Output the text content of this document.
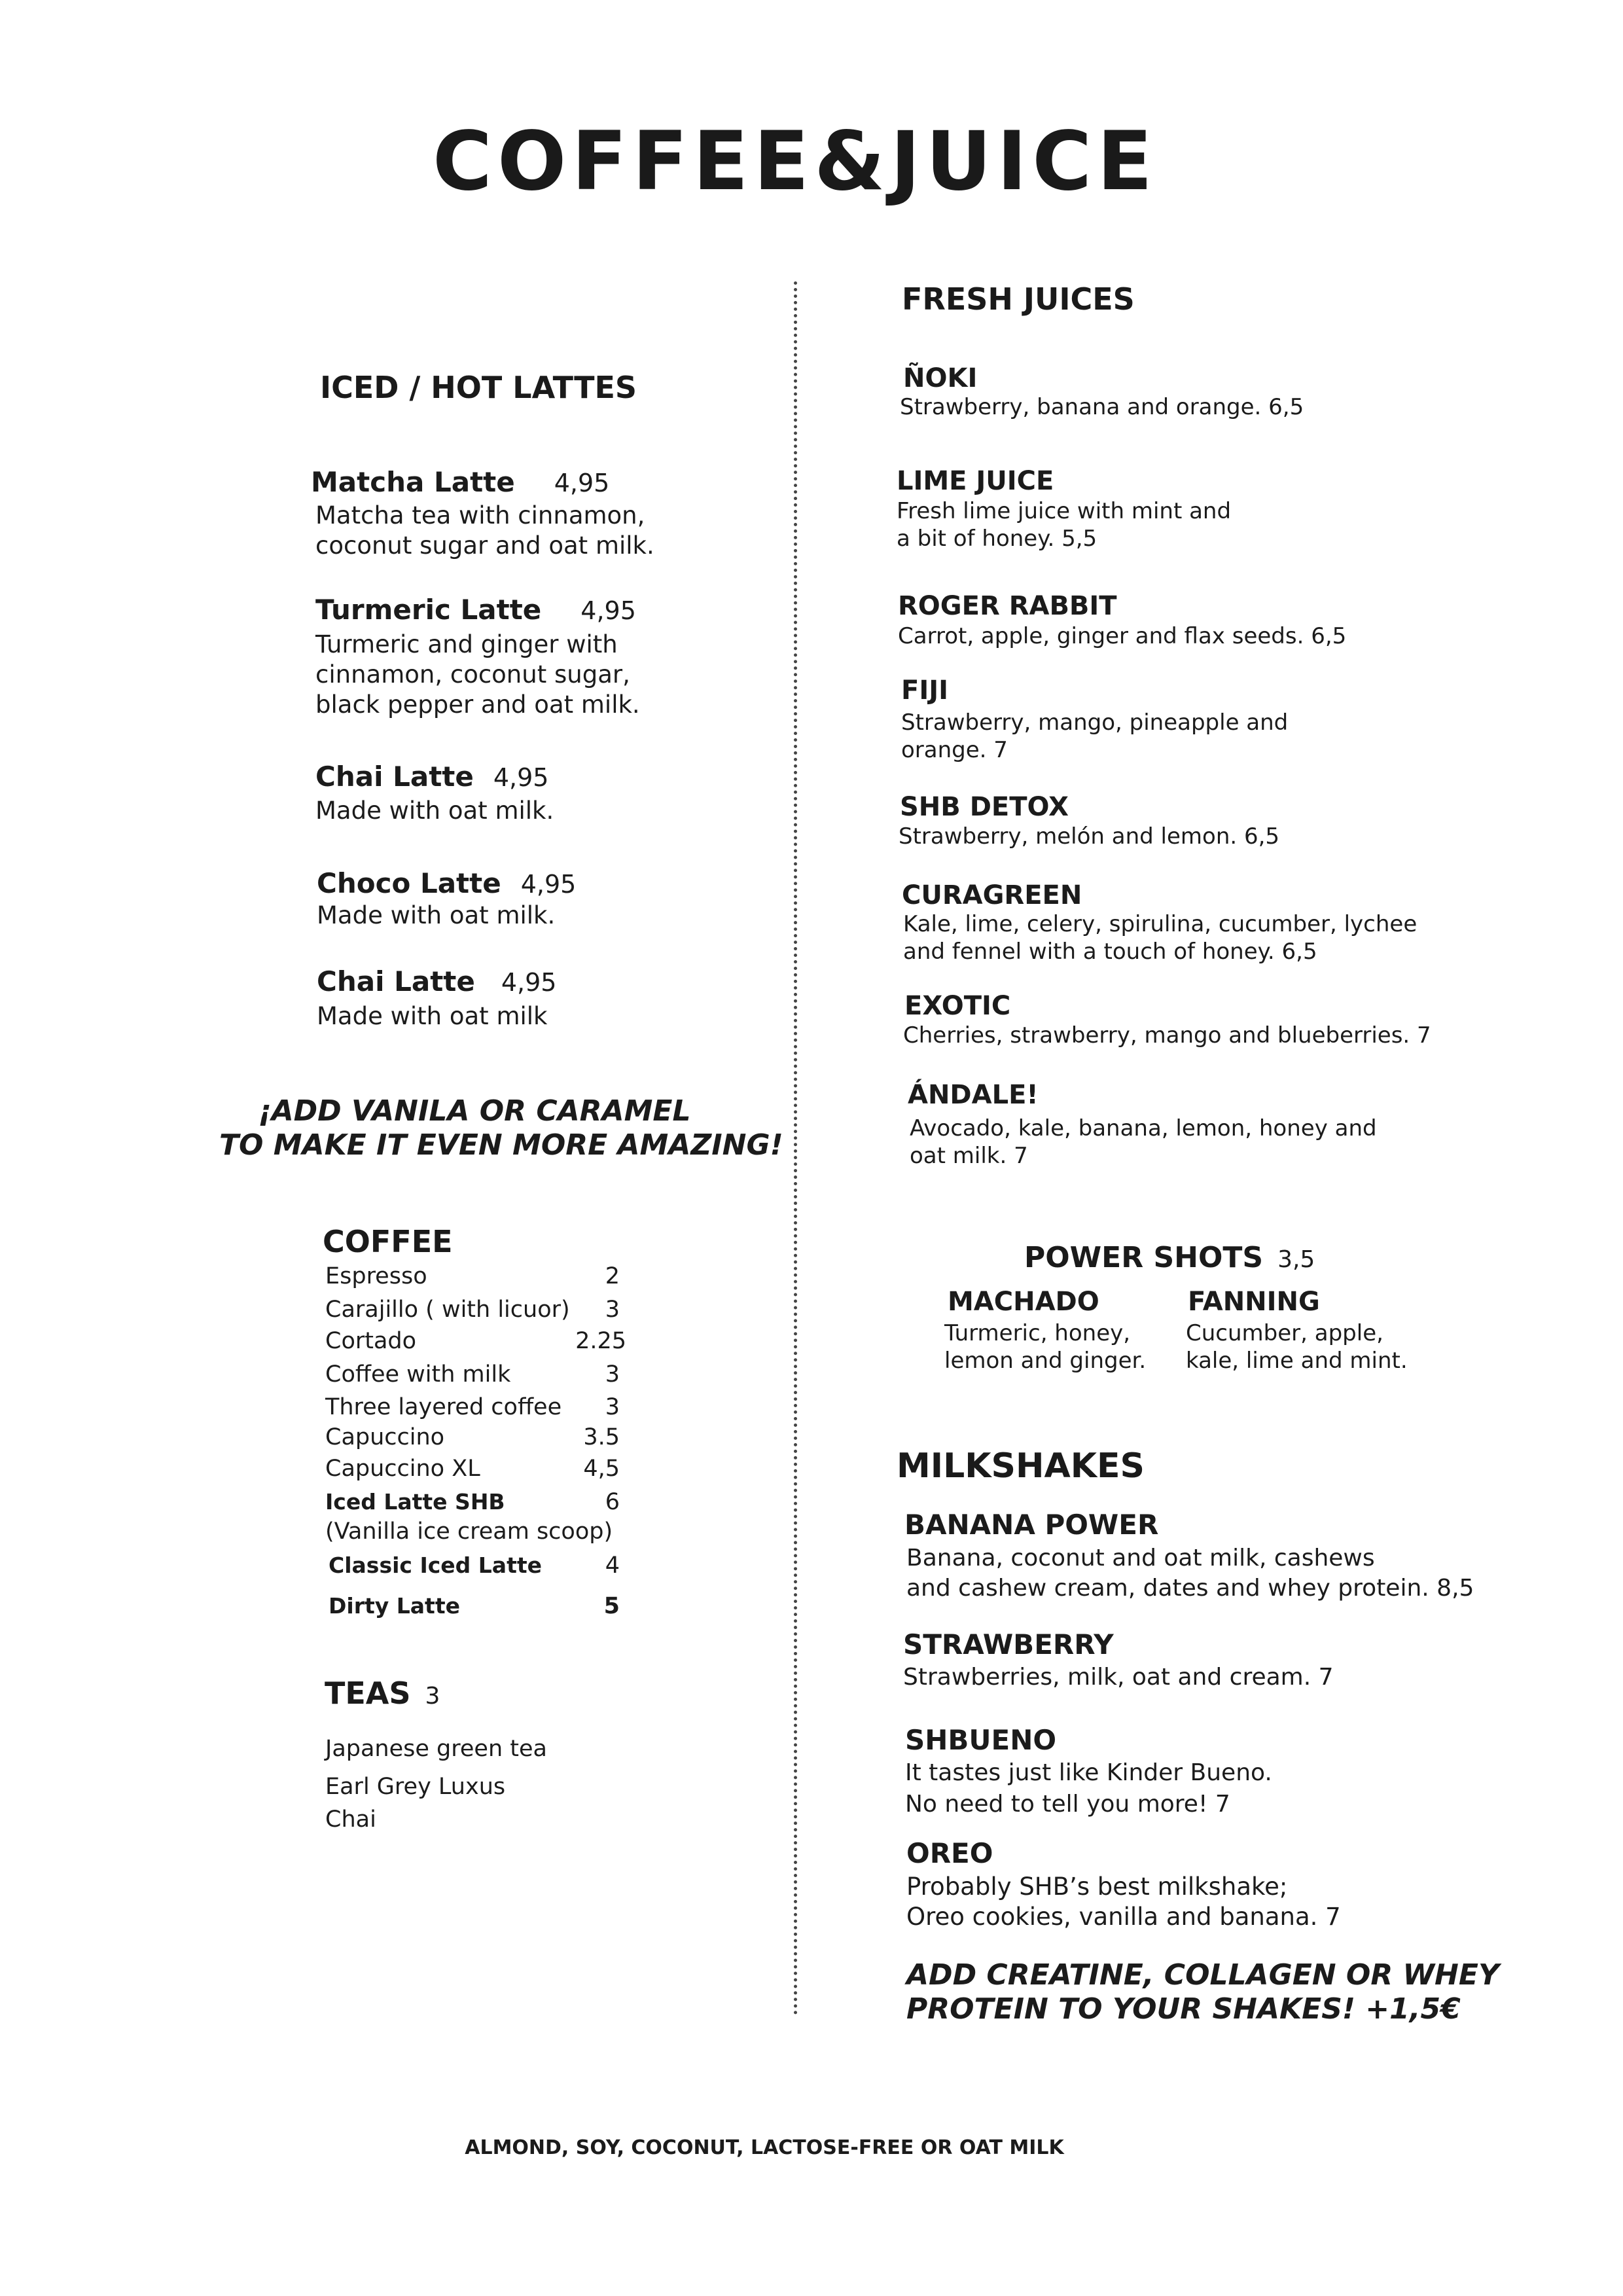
COFFEE&JUICE
ICED / HOT LATTES
Matcha Latte 4,95
Matcha tea with cinnamon,
coconut sugar and oat milk.
Turmeric Latte 4,95
Turmeric and ginger with
cinnamon, coconut sugar,
black pepper and oat milk.
Chai Latte 4,95
Made with oat milk.
Choco Latte 4,95
Made with oat milk.
Chai Latte 4,95
Made with oat milk
¡ADD VANILA OR CARAMEL
TO MAKE IT EVEN MORE AMAZING!
COFFEE
Espresso	2
Carajillo ( with licuor)	3
Cortado	2.25
Coffee with milk	3
Three layered coffee	3
Capuccino	3.5
Capuccino XL	4,5
Iced Latte SHB	6
(Vanilla ice cream scoop)
Classic Iced Latte	4
Dirty Latte	5
TEAS 3
Japanese green tea
Earl Grey Luxus
Chai
FRESH JUICES
ÑOKI
Strawberry, banana and orange. 6,5
LIME JUICE
Fresh lime juice with mint and
a bit of honey. 5,5
ROGER RABBIT
Carrot, apple, ginger and flax seeds. 6,5
FIJI
Strawberry, mango, pineapple and
orange. 7
SHB DETOX
Strawberry, melón and lemon. 6,5
CURAGREEN
Kale, lime, celery, spirulina, cucumber, lychee
and fennel with a touch of honey. 6,5
EXOTIC
Cherries, strawberry, mango and blueberries. 7
ÁNDALE!
Avocado, kale, banana, lemon, honey and
oat milk. 7
POWER SHOTS 3,5
MACHADO
Turmeric, honey,
lemon and ginger.
FANNING
Cucumber, apple,
kale, lime and mint.
MILKSHAKES
BANANA POWER
Banana, coconut and oat milk, cashews
and cashew cream, dates and whey protein. 8,5
STRAWBERRY
Strawberries, milk, oat and cream. 7
SHBUENO
It tastes just like Kinder Bueno.
No need to tell you more! 7
OREO
Probably SHB’s best milkshake;
Oreo cookies, vanilla and banana. 7
ADD CREATINE, COLLAGEN OR WHEY
PROTEIN TO YOUR SHAKES! +1,5€
ALMOND, SOY, COCONUT, LACTOSE-FREE OR OAT MILK
